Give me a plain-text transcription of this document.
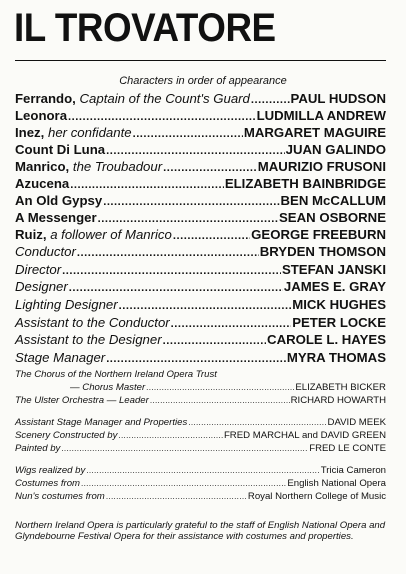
IL TROVATORE
Characters in order of appearance
Ferrando, Captain of the Count's Guard .....	PAUL HUDSON
Leonora .....	LUDMILLA ANDREW
Inez, her confidante .....	MARGARET MAGUIRE
Count Di Luna .....	JUAN GALINDO
Manrico, the Troubadour .....	MAURIZIO FRUSONI
Azucena .....	ELIZABETH BAINBRIDGE
An Old Gypsy .....	BEN McCALLUM
A Messenger .....	SEAN OSBORNE
Ruiz, a follower of Manrico .....	GEORGE FREEBURN
Conductor .....	BRYDEN THOMSON
Director .....	STEFAN JANSKI
Designer .....	JAMES E. GRAY
Lighting Designer .....	MICK HUGHES
Assistant to the Conductor .....	PETER LOCKE
Assistant to the Designer .....	CAROLE L. HAYES
Stage Manager .....	MYRA THOMAS
The Chorus of the Northern Ireland Opera Trust
— Chorus Master .....	ELIZABETH BICKER
The Ulster Orchestra — Leader .....	RICHARD HOWARTH
Assistant Stage Manager and Properties .....	DAVID MEEK
Scenery Constructed by .....	FRED MARCHAL and DAVID GREEN
Painted by .....	FRED LE CONTE
Wigs realized by .....	Tricia Cameron
Costumes from .....	English National Opera
Nun's costumes from .....	Royal Northern College of Music
Northern Ireland Opera is particularly grateful to the staff of English National Opera and Glyndebourne Festival Opera for their assistance with costumes and properties.
